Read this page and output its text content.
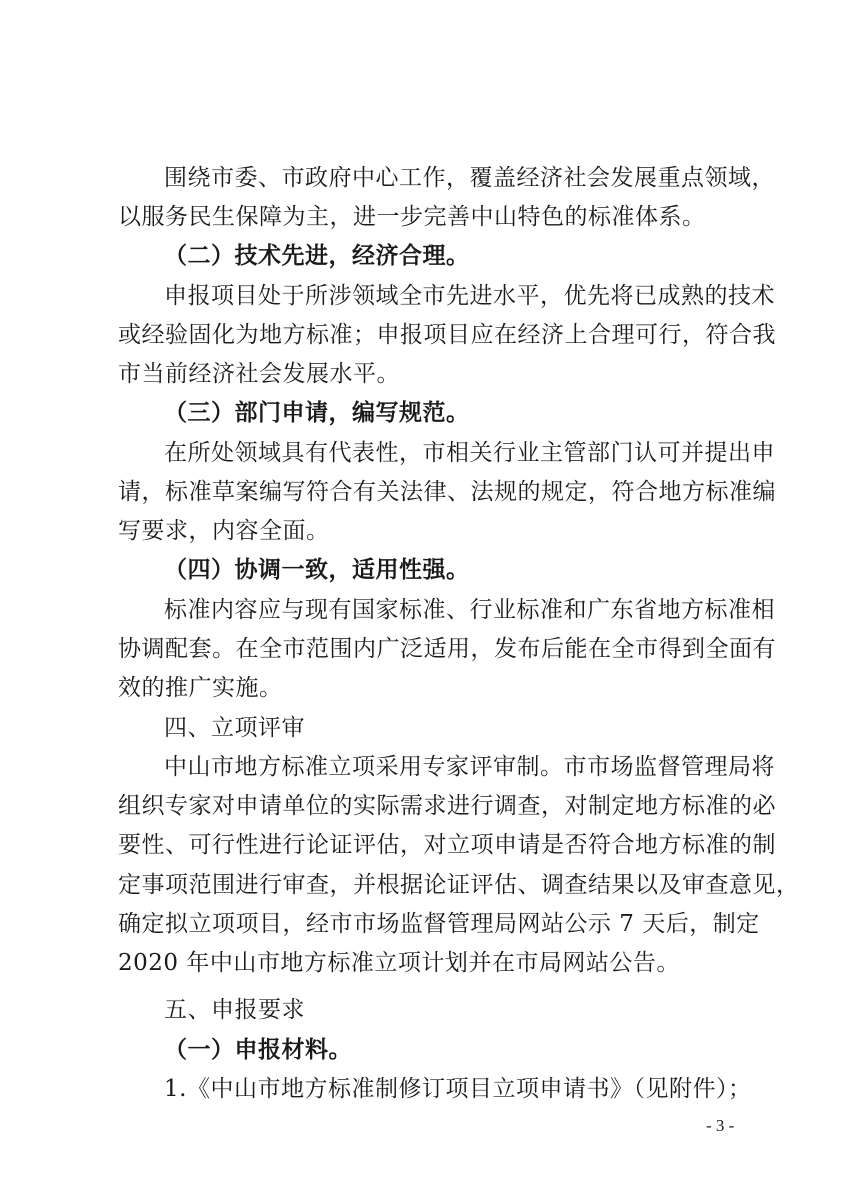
围绕市委、市政府中心工作，覆盖经济社会发展重点领域，
以服务民生保障为主，进一步完善中山特色的标准体系。
（二）技术先进，经济合理。
申报项目处于所涉领域全市先进水平，优先将已成熟的技术
或经验固化为地方标准；申报项目应在经济上合理可行，符合我
市当前经济社会发展水平。
（三）部门申请，编写规范。
在所处领域具有代表性，市相关行业主管部门认可并提出申
请，标准草案编写符合有关法律、法规的规定，符合地方标准编
写要求，内容全面。
（四）协调一致，适用性强。
标准内容应与现有国家标准、行业标准和广东省地方标准相
协调配套。在全市范围内广泛适用，发布后能在全市得到全面有
效的推广实施。
四、立项评审
中山市地方标准立项采用专家评审制。市市场监督管理局将
组织专家对申请单位的实际需求进行调查，对制定地方标准的必
要性、可行性进行论证评估，对立项申请是否符合地方标准的制
定事项范围进行审查，并根据论证评估、调查结果以及审查意见，
确定拟立项项目，经市市场监督管理局网站公示 7 天后，制定
2020 年中山市地方标准立项计划并在市局网站公告。
五、申报要求
（一）申报材料。
1.《中山市地方标准制修订项目立项申请书》（见附件）；
- 3 -
